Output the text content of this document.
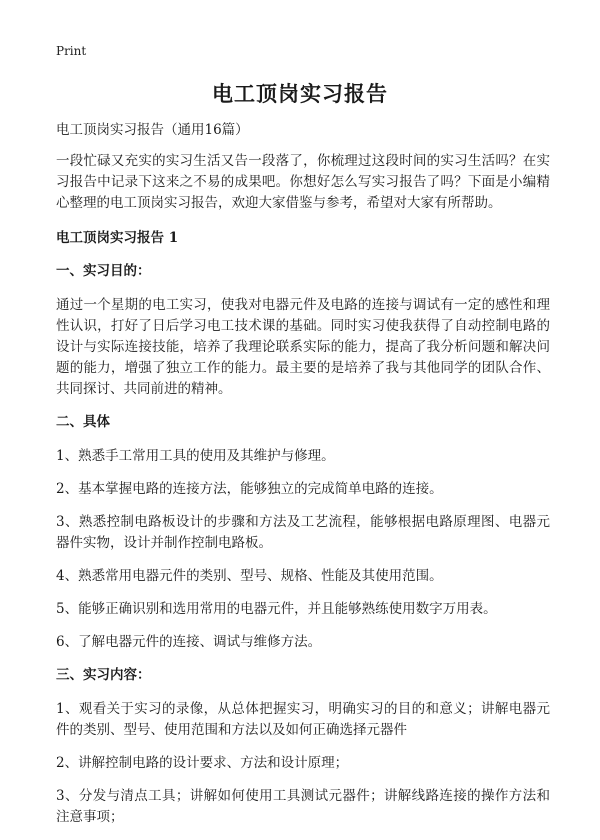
Print
电工顶岗实习报告

电工顶岗实习报告（通用16篇）

一段忙碌又充实的实习生活又告一段落了，你梳理过这段时间的实习生活吗？在实习报告中记录下这来之不易的成果吧。你想好怎么写实习报告了吗？下面是小编精心整理的电工顶岗实习报告，欢迎大家借鉴与参考，希望对大家有所帮助。

电工顶岗实习报告 1

一、实习目的：

通过一个星期的电工实习，使我对电器元件及电路的连接与调试有一定的感性和理性认识，打好了日后学习电工技术课的基础。同时实习使我获得了自动控制电路的设计与实际连接技能，培养了我理论联系实际的能力，提高了我分析问题和解决问题的能力，增强了独立工作的能力。最主要的是培养了我与其他同学的团队合作、共同探讨、共同前进的精神。

二、具体

1、熟悉手工常用工具的使用及其维护与修理。

2、基本掌握电路的连接方法，能够独立的完成简单电路的连接。

3、熟悉控制电路板设计的步骤和方法及工艺流程，能够根据电路原理图、电器元器件实物，设计并制作控制电路板。

4、熟悉常用电器元件的类别、型号、规格、性能及其使用范围。

5、能够正确识别和选用常用的电器元件，并且能够熟练使用数字万用表。

6、了解电器元件的连接、调试与维修方法。

三、实习内容：

1、观看关于实习的录像，从总体把握实习，明确实习的目的和意义；讲解电器元件的类别、型号、使用范围和方法以及如何正确选择元器件

2、讲解控制电路的设计要求、方法和设计原理；

3、分发与清点工具；讲解如何使用工具测试元器件；讲解线路连接的操作方法和注意事项；
